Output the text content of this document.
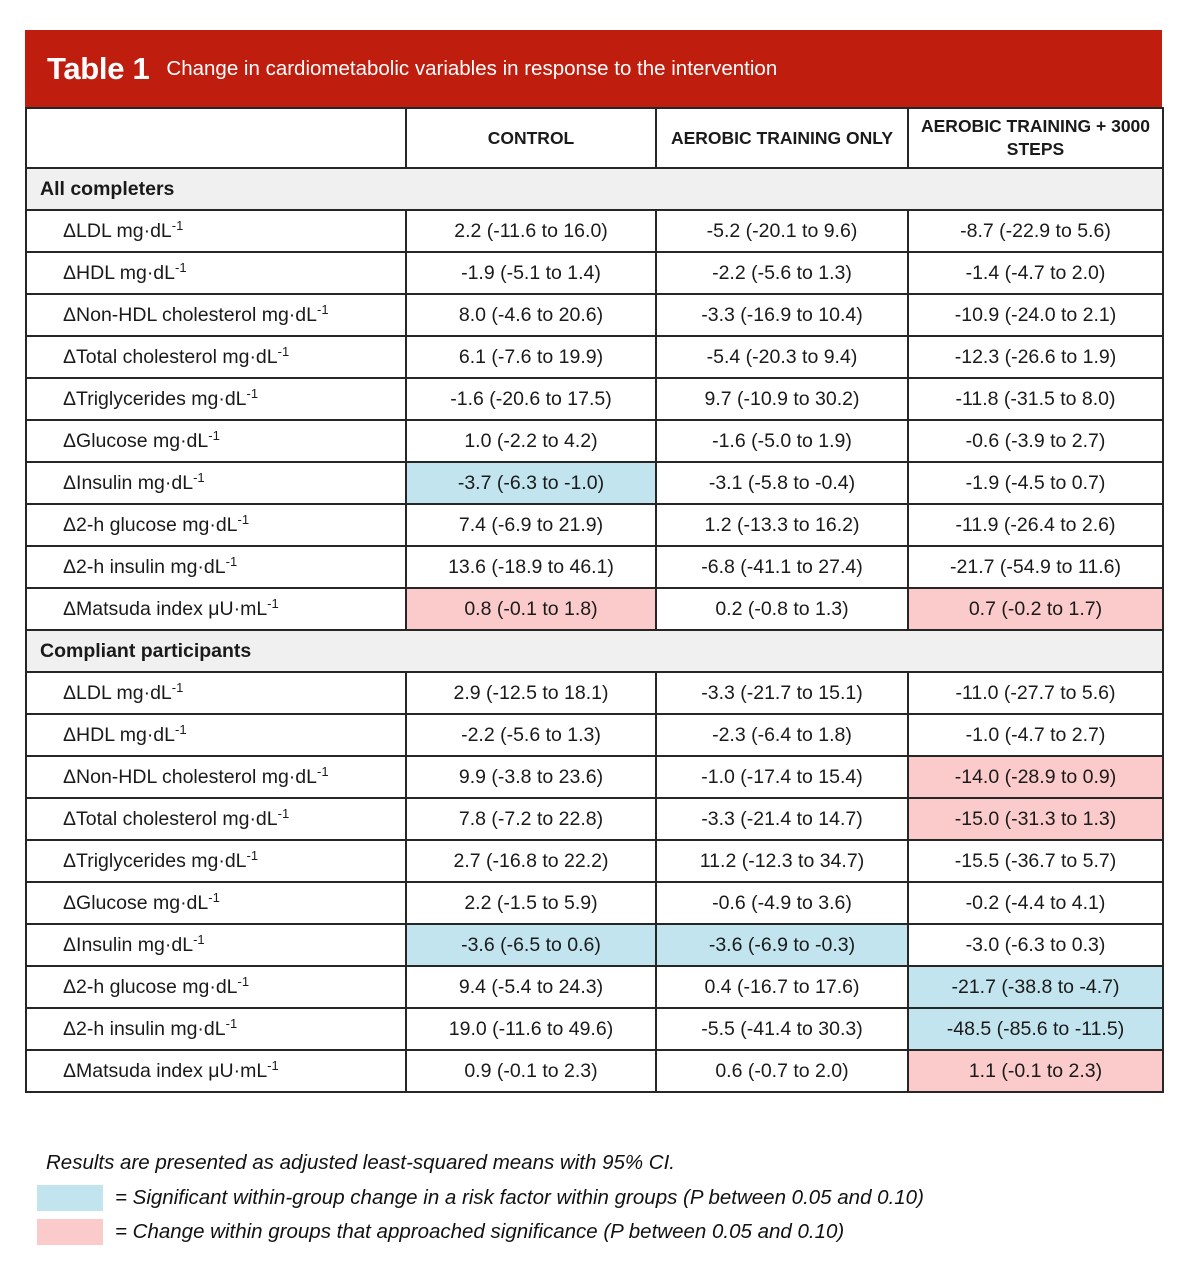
Table 1 Change in cardiometabolic variables in response to the intervention
	CONTROL	AEROBIC TRAINING ONLY	AEROBIC TRAINING + 3000 STEPS
All completers			
ΔLDL $mg\cdot dL^{-1}$	2.2 (-11.6 to 16.0)	-5.2 (-20.1 to 9.6)	-8.7 (-22.9 to 5.6)
ΔHDL $mg\cdot dL^{-1}$	-1.9 (-5.1 to 1.4)	-2.2 (-5.6 to 1.3)	-1.4 (-4.7 to 2.0)
ΔNon-HDL cholesterol $mg\cdot dL^{-1}$	8.0 (-4.6 to 20.6)	-3.3 (-16.9 to 10.4)	-10.9 (-24.0 to 2.1)
ΔTotal cholesterol $mg\cdot dL^{-1}$	6.1 (-7.6 to 19.9)	-5.4 (-20.3 to 9.4)	-12.3 (-26.6 to 1.9)
ΔTriglycerides $mg\cdot dL^{-1}$	-1.6 (-20.6 to 17.5)	9.7 (-10.9 to 30.2)	-11.8 (-31.5 to 8.0)
ΔGlucose $mg\cdot dL^{-1}$	1.0 (-2.2 to 4.2)	-1.6 (-5.0 to 1.9)	-0.6 (-3.9 to 2.7)
ΔInsulin $mg\cdot dL^{-1}$	-3.7 (-6.3 to -1.0)	-3.1 (-5.8 to -0.4)	-1.9 (-4.5 to 0.7)
Δ2-h glucose $mg\cdot dL^{-1}$	7.4 (-6.9 to 21.9)	1.2 (-13.3 to 16.2)	-11.9 (-26.4 to 2.6)
Δ2-h insulin $mg\cdot dL^{-1}$	13.6 (-18.9 to 46.1)	-6.8 (-41.1 to 27.4)	-21.7 (-54.9 to 11.6)
ΔMatsuda index $\mu U\cdot mL^{-1}$	0.8 (-0.1 to 1.8)	0.2 (-0.8 to 1.3)	0.7 (-0.2 to 1.7)
Compliant participants			
ΔLDL $mg\cdot dL^{-1}$	2.9 (-12.5 to 18.1)	-3.3 (-21.7 to 15.1)	-11.0 (-27.7 to 5.6)
ΔHDL $mg\cdot dL^{-1}$	-2.2 (-5.6 to 1.3)	-2.3 (-6.4 to 1.8)	-1.0 (-4.7 to 2.7)
ΔNon-HDL cholesterol $mg\cdot dL^{-1}$	9.9 (-3.8 to 23.6)	-1.0 (-17.4 to 15.4)	-14.0 (-28.9 to 0.9)
ΔTotal cholesterol $mg\cdot dL^{-1}$	7.8 (-7.2 to 22.8)	-3.3 (-21.4 to 14.7)	-15.0 (-31.3 to 1.3)
ΔTriglycerides $mg\cdot dL^{-1}$	2.7 (-16.8 to 22.2)	11.2 (-12.3 to 34.7)	-15.5 (-36.7 to 5.7)
ΔGlucose $mg\cdot dL^{-1}$	2.2 (-1.5 to 5.9)	-0.6 (-4.9 to 3.6)	-0.2 (-4.4 to 4.1)
ΔInsulin $mg\cdot dL^{-1}$	-3.6 (-6.5 to 0.6)	-3.6 (-6.9 to -0.3)	-3.0 (-6.3 to 0.3)
Δ2-h glucose $mg\cdot dL^{-1}$	9.4 (-5.4 to 24.3)	0.4 (-16.7 to 17.6)	-21.7 (-38.8 to -4.7)
Δ2-h insulin $mg\cdot dL^{-1}$	19.0 (-11.6 to 49.6)	-5.5 (-41.4 to 30.3)	-48.5 (-85.6 to -11.5)
ΔMatsuda index $\mu U\cdot mL^{-1}$	0.9 (-0.1 to 2.3)	0.6 (-0.7 to 2.0)	1.1 (-0.1 to 2.3)
Results are presented as adjusted least-squared means with 95% CI.
= Significant within-group change in a risk factor within groups (P between 0.05 and 0.10)
= Change within groups that approached significance (P between 0.05 and 0.10)
